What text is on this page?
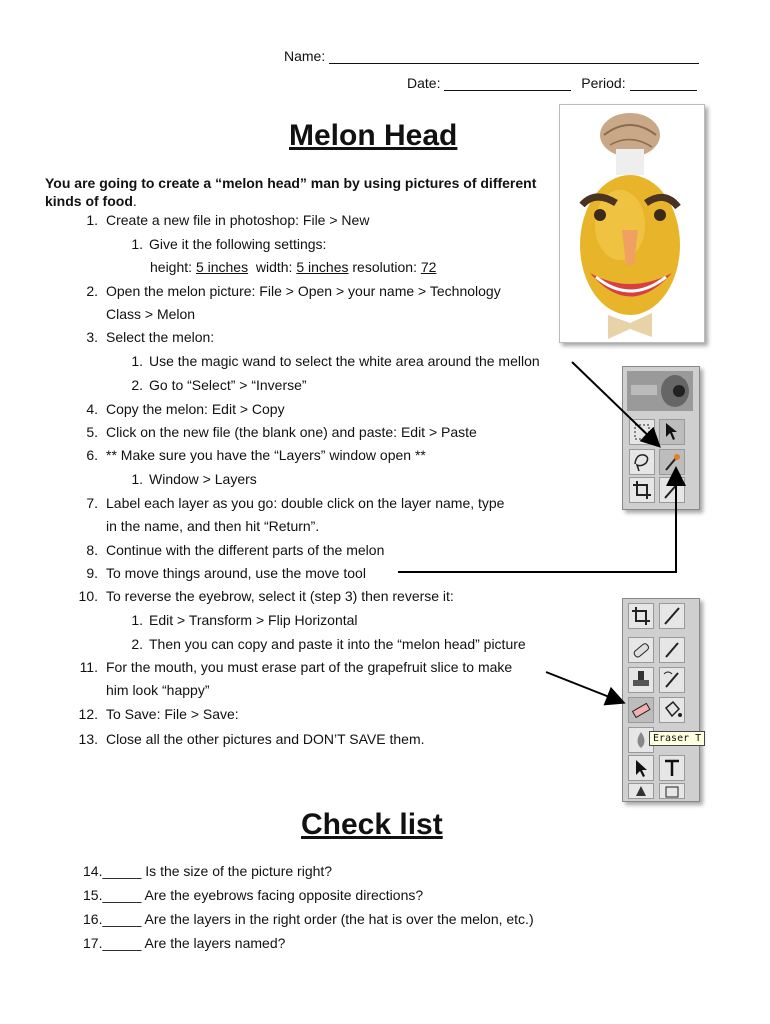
Name:
Date:	Period:
Melon Head
You are going to create a “melon head” man by using pictures of different kinds of food.
1. Create a new file in photoshop: File > New
1. Give it the following settings:
height: 5 inches width: 5 inches resolution: 72
2. Open the melon picture: File > Open > your name > Technology
Class > Melon
3. Select the melon:
1. Use the magic wand to select the white area around the mellon
2. Go to “Select” > “Inverse”
4. Copy the melon: Edit > Copy
5. Click on the new file (the blank one) and paste: Edit > Paste
6. ** Make sure you have the “Layers” window open **
1. Window > Layers
7. Label each layer as you go: double click on the layer name, type
in the name, and then hit “Return”.
8. Continue with the different parts of the melon
9. To move things around, use the move tool
10. To reverse the eyebrow, select it (step 3) then reverse it:
1. Edit > Transform > Flip Horizontal
2. Then you can copy and paste it into the “melon head” picture
11. For the mouth, you must erase part of the grapefruit slice to make
him look “happy”
12. To Save: File > Save:
13. Close all the other pictures and DON’T SAVE them.
Check list
14._____ Is the size of the picture right?
15._____ Are the eyebrows facing opposite directions?
16._____ Are the layers in the right order (the hat is over the melon, etc.)
17._____ Are the layers named?
Eraser T
